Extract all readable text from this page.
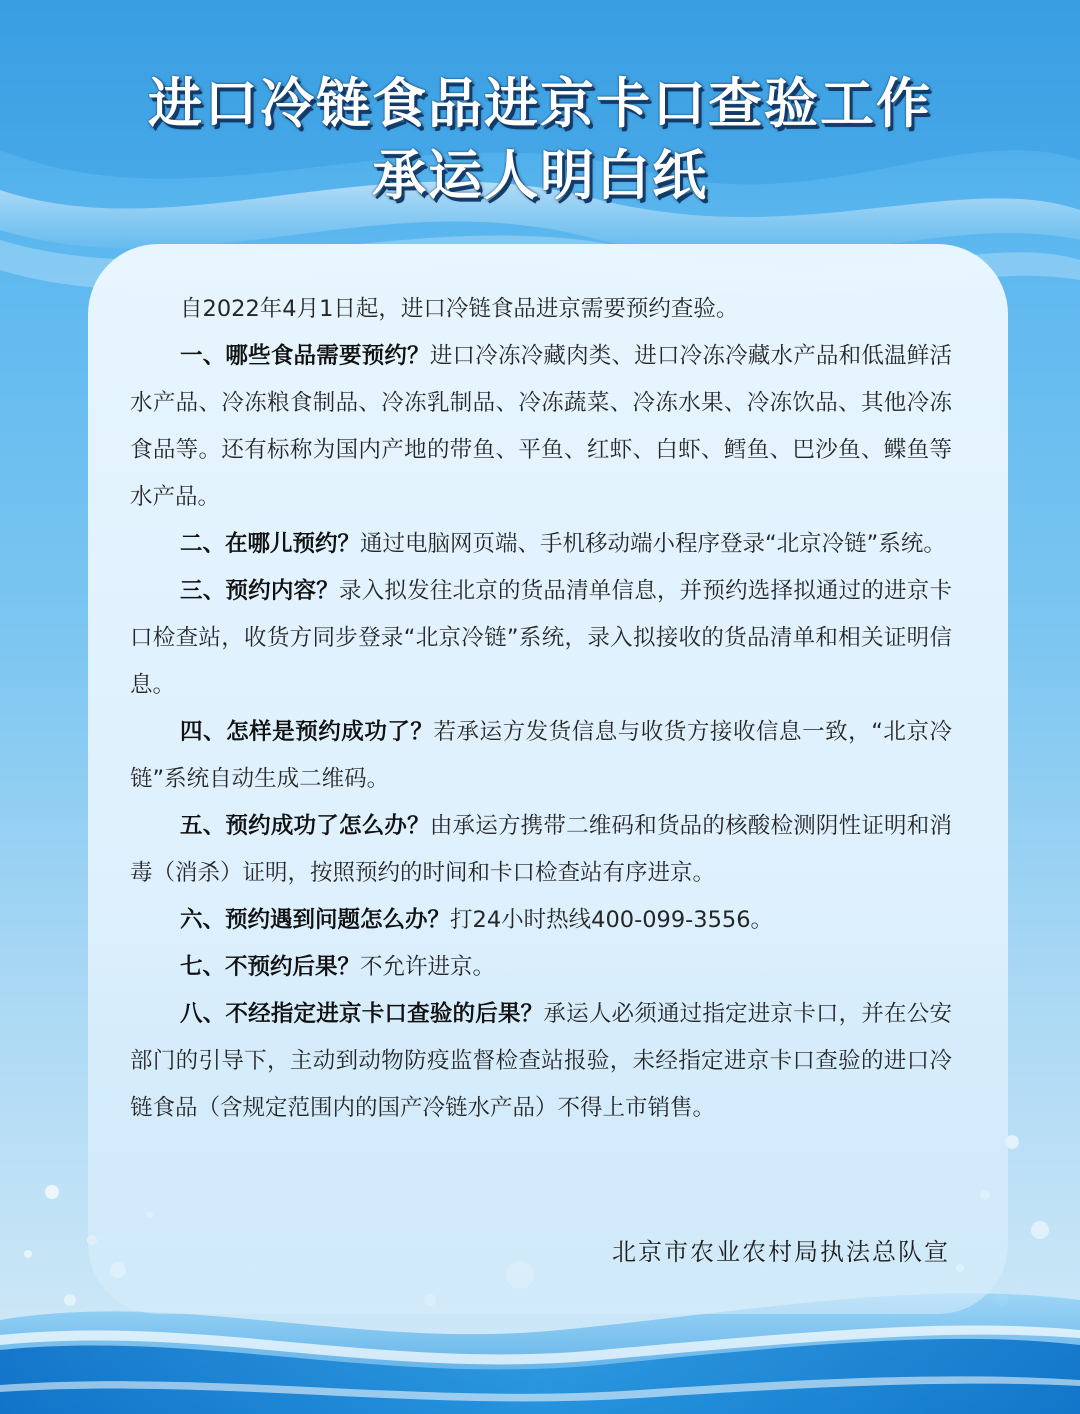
进口冷链食品进京卡口查验工作
承运人明白纸

自2022年4月1日起，进口冷链食品进京需要预约查验。

一、哪些食品需要预约？进口冷冻冷藏肉类、进口冷冻冷藏水产品和低温鲜活水产品、冷冻粮食制品、冷冻乳制品、冷冻蔬菜、冷冻水果、冷冻饮品、其他冷冻食品等。还有标称为国内产地的带鱼、平鱼、红虾、白虾、鳕鱼、巴沙鱼、鲽鱼等水产品。

二、在哪儿预约？通过电脑网页端、手机移动端小程序登录“北京冷链”系统。

三、预约内容？录入拟发往北京的货品清单信息，并预约选择拟通过的进京卡口检查站，收货方同步登录“北京冷链”系统，录入拟接收的货品清单和相关证明信息。

四、怎样是预约成功了？若承运方发货信息与收货方接收信息一致，“北京冷链”系统自动生成二维码。

五、预约成功了怎么办？由承运方携带二维码和货品的核酸检测阴性证明和消毒（消杀）证明，按照预约的时间和卡口检查站有序进京。

六、预约遇到问题怎么办？打24小时热线400-099-3556。

七、不预约后果？不允许进京。

八、不经指定进京卡口查验的后果？承运人必须通过指定进京卡口，并在公安部门的引导下，主动到动物防疫监督检查站报验，未经指定进京卡口查验的进口冷链食品（含规定范围内的国产冷链水产品）不得上市销售。

北京市农业农村局执法总队宣
